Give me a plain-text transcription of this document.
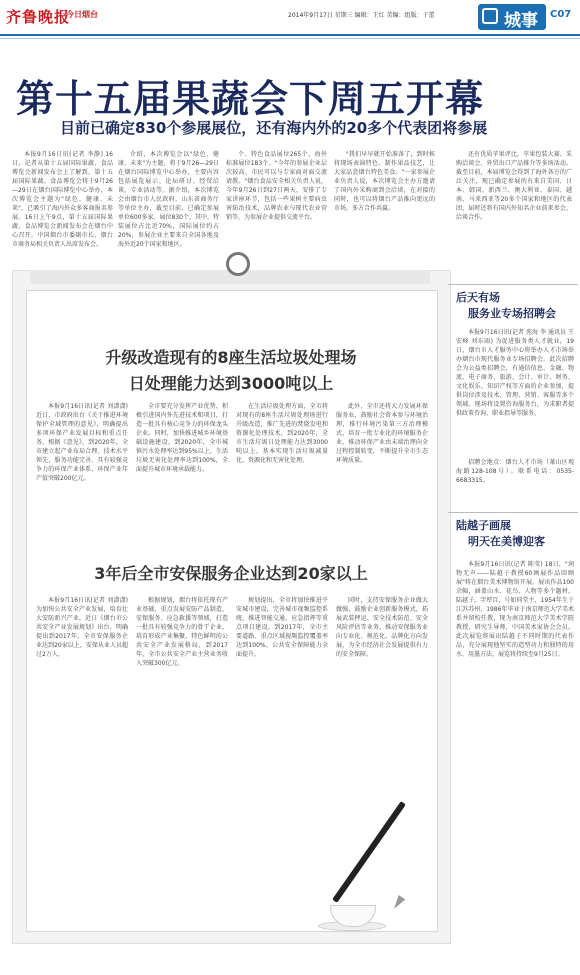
齐鲁晚报
今日烟台	2014年9月17日 星期三 编辑：王红 美编：组版：于蕾	城事 C07
第十五届果蔬会下周五开幕
目前已确定830个参展展位，还有海内外的20多个代表团将参展

本报9月16日讯(记者 李静) 16日，记者从第十五届国际果蔬、食品博览会新闻发布会上了解到，第十五届国际果蔬、食品博览会将于9月26—29日在烟台国际博览中心举办，本次博览会主题为"绿色、健康、未来"，已吸引了海内外众多客商报名参展。16日上午9点，第十五届国际果蔬、食品博览会新闻发布会在烟台中心召开，中国烟台市委副市长、烟台市商务局相关负责人出席发布会。

介绍，本次博览会以"绿色、健康、未来"为主题，将于9月26—29日在烟台国际博览中心举办，主要内容包括展览展示、论坛研讨、经贸洽谈、专业活动等。据介绍，本次博览会由烟台市人民政府、山东省商务厅等单位主办，截至目前，已确定参展单位600多家、展位830个，其中，特装展位占比近70%，国际展位约占20%，参展企业主要来自全国各地及海外近20个国家和地区。

个、特色食品展位265个，海外标准展位183个。"今年的参展企业层次较高，市民可以与专家面对面交流请教。"烟台食品安全相关负责人说，今年9月26日到27日两天，安排了专家讲座环节，包括一些果树主要病虫害防治技术，品牌农业与现代农业营销等，为参展企业提供交流平台。

"我们早早就开始准备了，到时候将现场表演特色、制作果品技艺，让大家品尝烟台特色美食。"一家参展企业负责人说，本次博览会主办方邀请了国内外采购商到会洽谈，在对接的同时，也可以将烟台产品推向更远的市场，多方合作共赢。

还有优质苹果评比，苹果包装大赛、采购洽谈会、外贸出口产品推介等多场活动。截至目前，本届博览会得到了海外各方的广泛关注，现已确定参展的有来自美国、日本、韩国、新西兰、澳大利亚、泰国、越南、马来西亚等20多个国家和地区的代表团，届时还将有国内外知名企业前来参会，洽谈合作。

升级改造现有的8座生活垃圾处理场
日处理能力达到3000吨以上

本报9月16日讯(记者 刘潇潇) 近日，市政府出台《关于推进环境保护全域管理的意见》，明确提出多项环保产业发展目标和重点任务。根据《意见》，到2020年，全市建立起产业布局合理、技术水平领先、服务功能完善、具有较强竞争力的环保产业体系，环保产业年产值突破200亿元。

全市要充分发挥产业优势，积极引进国内外先进技术和项目，打造一批具有核心竞争力的环保龙头企业。同时，加快推进城乡环境基础设施建设，到2020年，全市城镇污水处理率达到95%以上，生活垃圾无害化处理率达到100%，全面提升城市环境承载能力。

在生活垃圾处理方面，全市将对现有的8座生活垃圾处理场进行升级改造，推广先进的焚烧发电和资源化处理技术，到2020年，全市生活垃圾日处理能力达到3000吨以上，基本实现生活垃圾减量化、资源化和无害化处理。

此外，全市还将大力发展环保服务业，鼓励社会资本参与环境治理，推行环境污染第三方治理模式，培育一批专业化的环境服务企业，推动环保产业由末端治理向全过程控制转变，不断提升全市生态环境质量。

3年后全市安保服务企业达到20家以上

本报9月16日讯(记者 刘潇潇) 为加快公共安全产业发展，培育壮大安防新兴产业，近日《烟台市公共安全产业发展规划》出台，明确提出到2017年，全市安保服务企业达到20家以上，安保从业人员超过2万人。

根据规划，烟台将依托现有产业基础，重点发展安防产品制造、安保服务、应急救援等领域，打造一批具有较强竞争力的骨干企业，培育形成产业集聚、特色鲜明的公共安全产业发展格局，到2017年，全市公共安全产业主营业务收入突破300亿元。

规划提出，全市将加快推进平安城市建设，完善城市视频监控系统，推进智能交通、应急指挥等重点项目建设，到2017年，全市主要道路、重点区域视频监控覆盖率达到100%，公共安全保障能力全面提升。

同时，支持安保服务企业做大做强，鼓励企业创新服务模式，拓展武装押运、安全技术防范、安全风险评估等业务，推动安保服务业向专业化、规范化、品牌化方向发展，为全市经济社会发展提供有力的安全保障。

后天有场
服务业专场招聘会

本报9月16日讯(记者 苑海 李 通讯员 王宏峰 刘东雨) 为促进服务类人才就业，19日，烟台市人才服务中心将举办人才市场举办烟台市现代服务业专场招聘会。此次招聘会为公益类招聘会，有通信信息、金融、物流、电子商务、旅游、会计、审计、财务、文化娱乐、知识产权等方面的企业参加，提供岗位涉及技术、管理、营销、客服等多个领域。现场将设置咨询服务台，为求职者提供政策咨询、职业指导等服务。

招聘会地点：烟台人才市场（莱山区观海路128-108号）。联系电话：0535-6683315。

陆越子画展
明天在美博迎客

本报9月16日讯(记者 陈莹) 18日，"润物无声——陆越子教授60画展作品回顾展"将在烟台美术博物馆开展。展出作品100余幅，涵盖山水、花鸟、人物等多个题材。陆越子，字厚百，号如同堂主，1954年生于江苏苏州，1986年毕业于南京师范大学美术系并留校任教，现为南京师范大学美术学院教授、研究生导师，中国美术家协会会员。此次展览将展出陆越子不同时期的代表作品，充分展现他坚实的造型功力和独特的用水、用墨方法，展览将持续至9月25日。
